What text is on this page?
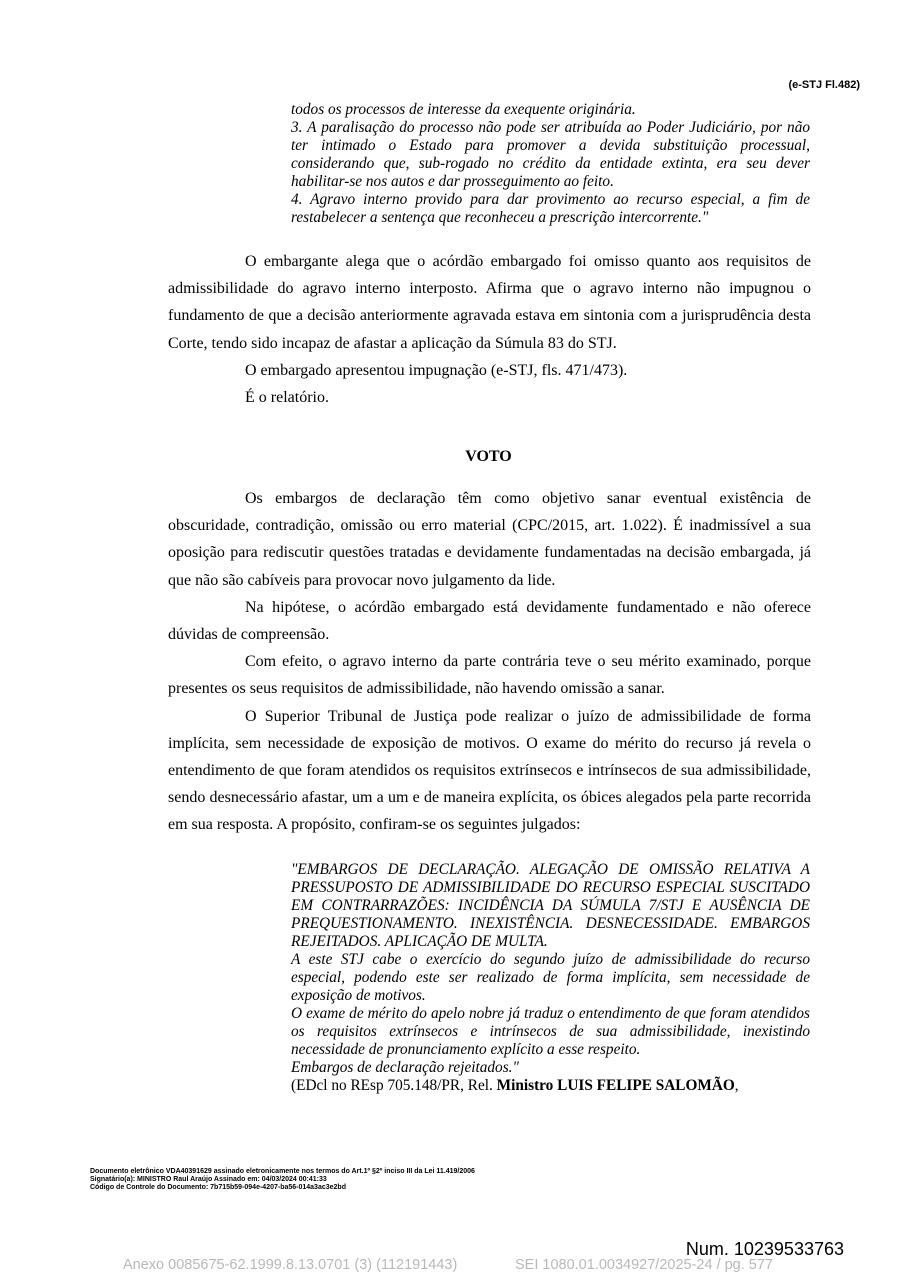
(e-STJ Fl.482)

todos os processos de interesse da exequente originária.

3. A paralisação do processo não pode ser atribuída ao Poder Judiciário, por não ter intimado o Estado para promover a devida substituição processual, considerando que, sub-rogado no crédito da entidade extinta, era seu dever habilitar-se nos autos e dar prosseguimento ao feito.

4. Agravo interno provido para dar provimento ao recurso especial, a fim de restabelecer a sentença que reconheceu a prescrição intercorrente."

O embargante alega que o acórdão embargado foi omisso quanto aos requisitos de admissibilidade do agravo interno interposto. Afirma que o agravo interno não impugnou o fundamento de que a decisão anteriormente agravada estava em sintonia com a jurisprudência desta Corte, tendo sido incapaz de afastar a aplicação da Súmula 83 do STJ.

O embargado apresentou impugnação (e-STJ, fls. 471/473).

É o relatório.

VOTO

Os embargos de declaração têm como objetivo sanar eventual existência de obscuridade, contradição, omissão ou erro material (CPC/2015, art. 1.022). É inadmissível a sua oposição para rediscutir questões tratadas e devidamente fundamentadas na decisão embargada, já que não são cabíveis para provocar novo julgamento da lide.

Na hipótese, o acórdão embargado está devidamente fundamentado e não oferece dúvidas de compreensão.

Com efeito, o agravo interno da parte contrária teve o seu mérito examinado, porque presentes os seus requisitos de admissibilidade, não havendo omissão a sanar.

O Superior Tribunal de Justiça pode realizar o juízo de admissibilidade de forma implícita, sem necessidade de exposição de motivos. O exame do mérito do recurso já revela o entendimento de que foram atendidos os requisitos extrínsecos e intrínsecos de sua admissibilidade, sendo desnecessário afastar, um a um e de maneira explícita, os óbices alegados pela parte recorrida em sua resposta. A propósito, confiram-se os seguintes julgados:

"EMBARGOS DE DECLARAÇÃO. ALEGAÇÃO DE OMISSÃO RELATIVA A PRESSUPOSTO DE ADMISSIBILIDADE DO RECURSO ESPECIAL SUSCITADO EM CONTRARRAZÕES: INCIDÊNCIA DA SÚMULA 7/STJ E AUSÊNCIA DE PREQUESTIONAMENTO. INEXISTÊNCIA. DESNECESSIDADE. EMBARGOS REJEITADOS. APLICAÇÃO DE MULTA.

A este STJ cabe o exercício do segundo juízo de admissibilidade do recurso especial, podendo este ser realizado de forma implícita, sem necessidade de exposição de motivos.

O exame de mérito do apelo nobre já traduz o entendimento de que foram atendidos os requisitos extrínsecos e intrínsecos de sua admissibilidade, inexistindo necessidade de pronunciamento explícito a esse respeito.

Embargos de declaração rejeitados."

(EDcl no REsp 705.148/PR, Rel. Ministro LUIS FELIPE SALOMÃO,

Documento eletrônico VDA40391629 assinado eletronicamente nos termos do Art.1º §2º inciso III da Lei 11.419/2006
Signatário(a): MINISTRO Raul Araújo Assinado em: 04/03/2024 00:41:33
Código de Controle do Documento: 7b715b59-094e-4207-ba56-014a3ac3e2bd
Num. 10239533763
Anexo 0085675-62.1999.8.13.0701 (3) (112191443)	SEI 1080.01.0034927/2025-24 / pg. 577
